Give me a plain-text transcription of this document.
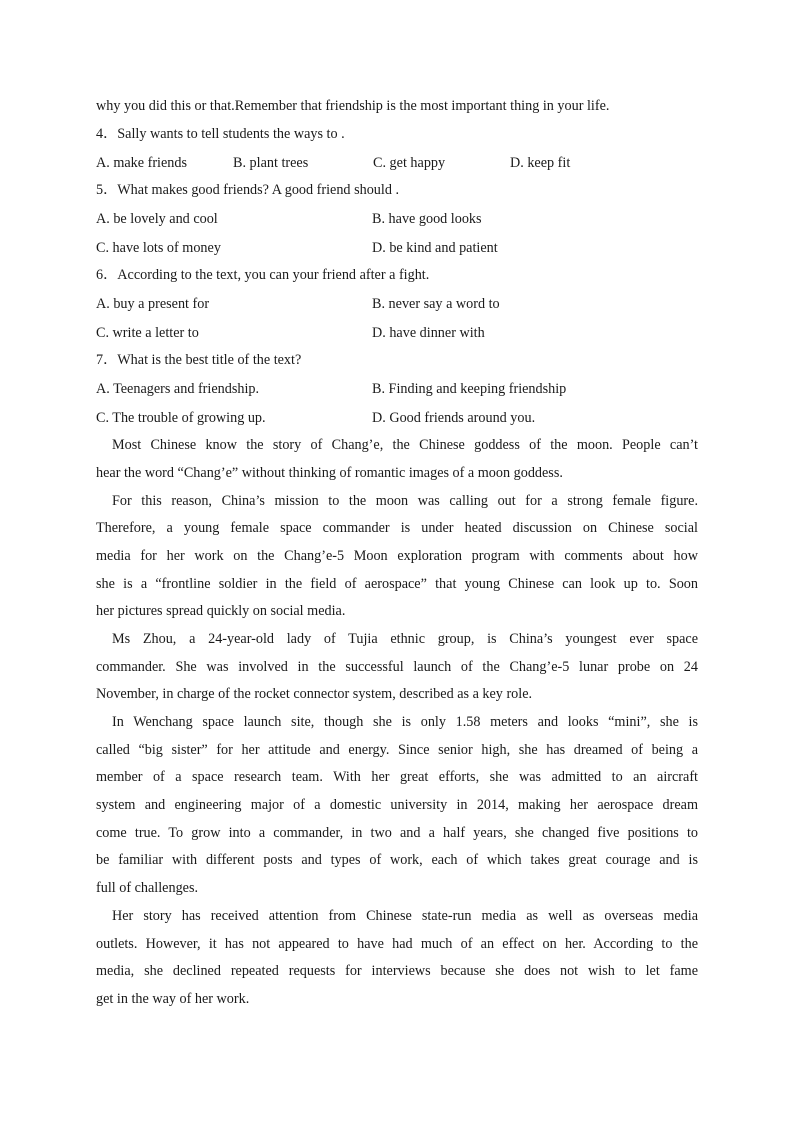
why you did this or that.Remember that friendship is the most important thing in your life.

4．Sally wants to tell students the ways to .

A. make friends	B. plant trees	C. get happy	D. keep fit

5．What makes good friends? A good friend should .

A. be lovely and cool	B. have good looks
C. have lots of money	D. be kind and patient

6．According to the text, you can your friend after a fight.

A. buy a present for	B. never say a word to
C. write a letter to	D. have dinner with

7．What is the best title of the text?

A. Teenagers and friendship.	B. Finding and keeping friendship
C. The trouble of growing up.	D. Good friends around you.

Most Chinese know the story of Chang’e, the Chinese goddess of the moon. People can’t

hear the word “Chang’e” without thinking of romantic images of a moon goddess.

For this reason, China’s mission to the moon was calling out for a strong female figure.

Therefore, a young female space commander is under heated discussion on Chinese social

media for her work on the Chang’e-5 Moon exploration program with comments about how

she is a “frontline soldier in the field of aerospace” that young Chinese can look up to. Soon

her pictures spread quickly on social media.

Ms Zhou, a 24-year-old lady of Tujia ethnic group, is China’s youngest ever space

commander. She was involved in the successful launch of the Chang’e-5 lunar probe on 24

November, in charge of the rocket connector system, described as a key role.

In Wenchang space launch site, though she is only 1.58 meters and looks “mini”, she is

called “big sister” for her attitude and energy. Since senior high, she has dreamed of being a

member of a space research team. With her great efforts, she was admitted to an aircraft

system and engineering major of a domestic university in 2014, making her aerospace dream

come true. To grow into a commander, in two and a half years, she changed five positions to

be familiar with different posts and types of work, each of which takes great courage and is

full of challenges.

Her story has received attention from Chinese state-run media as well as overseas media

outlets. However, it has not appeared to have had much of an effect on her. According to the

media, she declined repeated requests for interviews because she does not wish to let fame

get in the way of her work.
